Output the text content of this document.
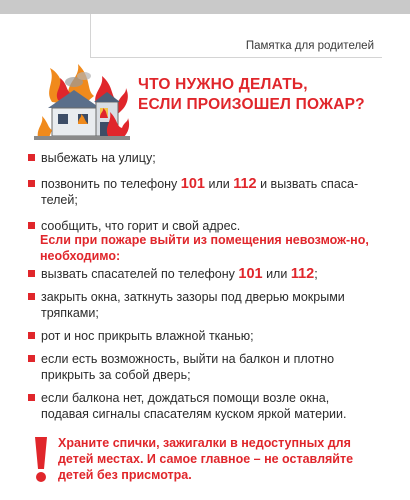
Памятка для родителей
ЧТО НУЖНО ДЕЛАТЬ,
ЕСЛИ ПРОИЗОШЕЛ ПОЖАР?
выбежать на улицу;
позвонить по телефону 101 или 112 и вызвать спаса-телей;
сообщить, что горит и свой адрес.
Если при пожаре выйти из помещения невозмож-но, необходимо:
вызвать спасателей по телефону 101 или 112;
закрыть окна, заткнуть зазоры под дверью мокрыми тряпками;
рот и нос прикрыть влажной тканью;
если есть возможность, выйти на балкон и плотно прикрыть за собой дверь;
если балкона нет, дождаться помощи возле окна, подавая сигналы спасателям куском яркой материи.
Храните спички, зажигалки в недоступных для детей местах. И самое главное – не оставляйте детей без присмотра.
